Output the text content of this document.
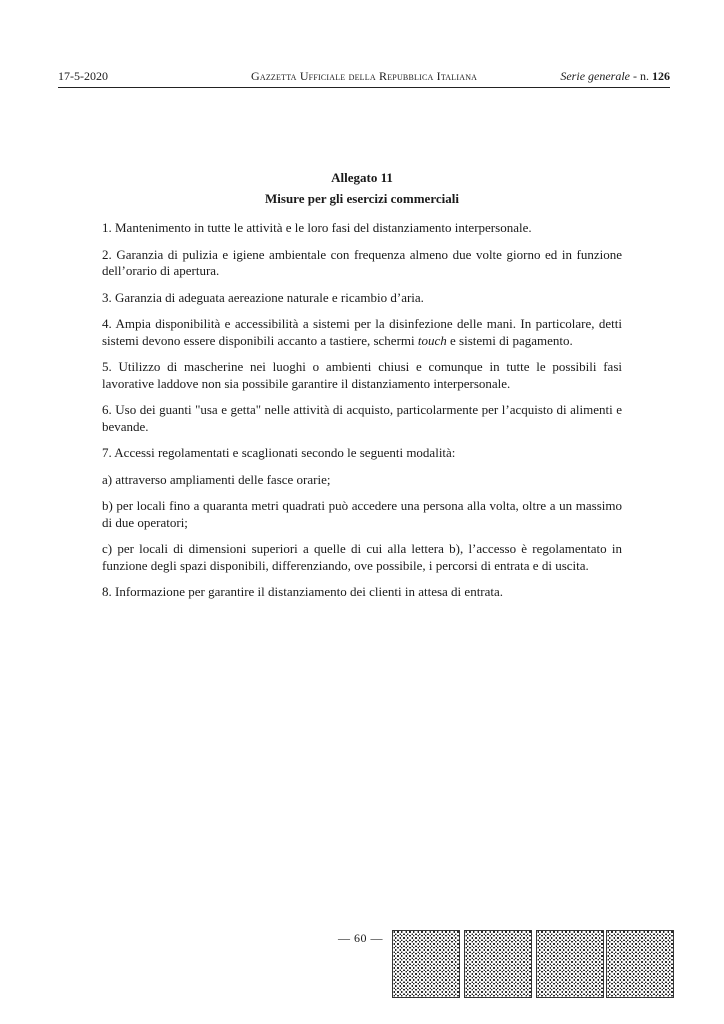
17-5-2020	Gazzetta Ufficiale della Repubblica Italiana	Serie generale - n. 126
Allegato 11
Misure per gli esercizi commerciali

1. Mantenimento in tutte le attività e le loro fasi del distanziamento interpersonale.

2. Garanzia di pulizia e igiene ambientale con frequenza almeno due volte giorno ed in funzione dell’orario di apertura.

3. Garanzia di adeguata aereazione naturale e ricambio d’aria.

4. Ampia disponibilità e accessibilità a sistemi per la disinfezione delle mani. In particolare, detti sistemi devono essere disponibili accanto a tastiere, schermi touch e sistemi di pagamento.

5. Utilizzo di mascherine nei luoghi o ambienti chiusi e comunque in tutte le possibili fasi lavorative laddove non sia possibile garantire il distanziamento interpersonale.

6. Uso dei guanti "usa e getta" nelle attività di acquisto, particolarmente per l’acquisto di alimenti e bevande.

7. Accessi regolamentati e scaglionati secondo le seguenti modalità:

a) attraverso ampliamenti delle fasce orarie;

b) per locali fino a quaranta metri quadrati può accedere una persona alla volta, oltre a un massimo di due operatori;

c) per locali di dimensioni superiori a quelle di cui alla lettera b), l’accesso è regolamentato in funzione degli spazi disponibili, differenziando, ove possibile, i percorsi di entrata e di uscita.

8. Informazione per garantire il distanziamento dei clienti in attesa di entrata.

— 60 —
